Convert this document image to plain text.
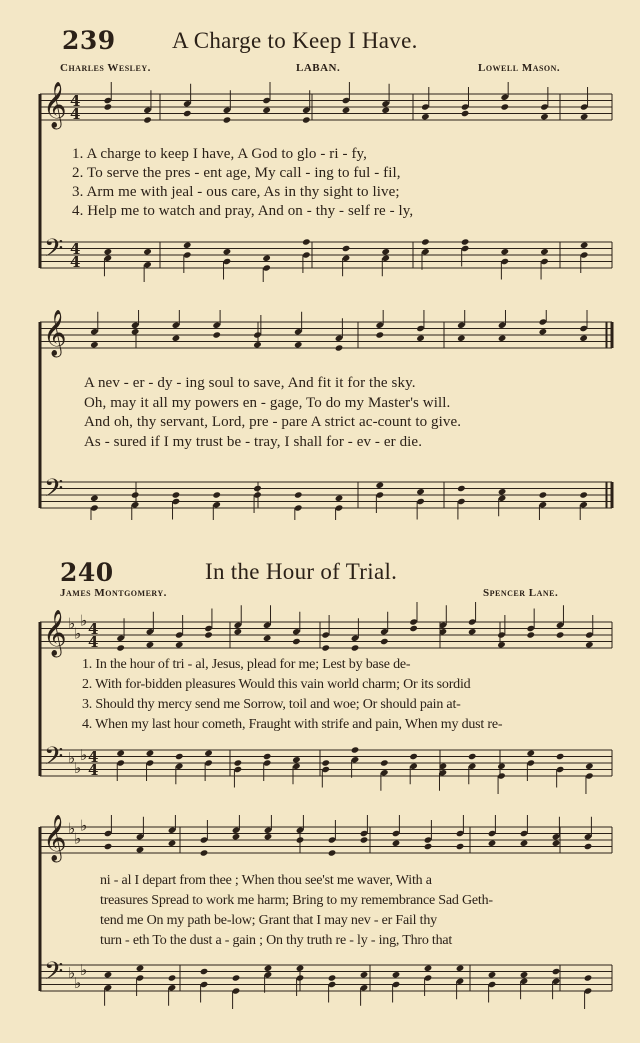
239 A Charge to Keep I Have.
Charles Wesley.	LABAN.	Lowell Mason.
𝄞
𝄢
4
4
4
4
1. A charge to keep I have, A God to glo - ri - fy,
2. To serve the pres - ent age, My call - ing to ful - fil,
3. Arm me with jeal - ous care, As in thy sight to live;
4. Help me to watch and pray, And on - thy - self re - ly,
𝄞
𝄢
A nev - er - dy - ing soul to save, And fit it for the sky.
Oh, may it all my powers en - gage, To do my Master's will.
And oh, thy servant, Lord, pre - pare A strict ac-count to give.
As - sured if I my trust be - tray, I shall for - ev - er die.
240	In the Hour of Trial.
James Montgomery.	Spencer Lane.
𝄞
𝄢
♭
♭
♭
♭
♭
♭
4
4
4
4
1. In the hour of tri - al, Jesus, plead for me; Lest by base de-
2. With for-bidden pleasures Would this vain world charm; Or its sordid
3. Should thy mercy send me Sorrow, toil and woe; Or should pain at-
4. When my last hour cometh, Fraught with strife and pain, When my dust re-
𝄞
𝄢
♭
♭
♭
♭
♭
♭
ni - al I depart from thee ; When thou see'st me waver, With a
treasures Spread to work me harm; Bring to my remembrance Sad Geth-
tend me On my path be-low; Grant that I may nev - er Fail thy
turn - eth To the dust a - gain ; On thy truth re - ly - ing, Thro that
